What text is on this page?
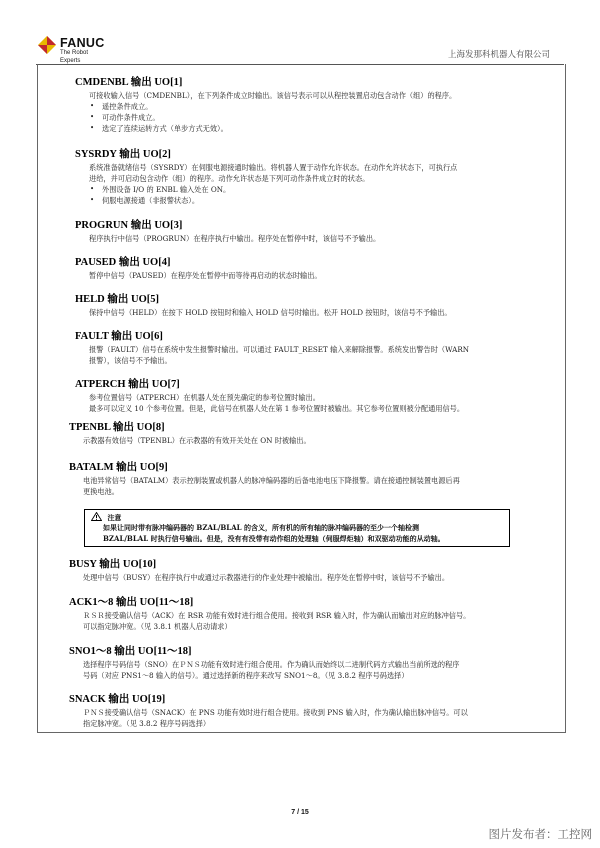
FANUC
The Robot Experts
上海发那科机器人有限公司
CMDENBL 输出 UO[1]

可接收输入信号（CMDENBL），在下列条件成立时输出。该信号表示可以从程控装置启动包含动作（组）的程序。

• 遥控条件成立。
• 可动作条件成立。
• 选定了连续运转方式（单步方式无效）。
SYSRDY 输出 UO[2]

系统准备就绪信号（SYSRDY）在伺服电源接通时输出。将机器人置于动作允许状态。在动作允许状态下，可执行点

进给，并可启动包含动作（组）的程序。动作允许状态是下列可动作条件成立时的状态。

• 外围设备 I/O 的 ENBL 输入处在 ON。
• 伺服电源接通（非报警状态）。
PROGRUN 输出 UO[3]

程序执行中信号（PROGRUN）在程序执行中输出。程序处在暂停中时，该信号不予输出。

PAUSED 输出 UO[4]

暂停中信号（PAUSED）在程序处在暂停中而等待再启动的状态时输出。

HELD 输出 UO[5]

保持中信号（HELD）在按下 HOLD 按钮时和输入 HOLD 信号时输出。松开 HOLD 按钮时，该信号不予输出。

FAULT 输出 UO[6]

报警（FAULT）信号在系统中发生报警时输出。可以通过 FAULT_RESET 输入来解除报警。系统发出警告时（WARN

报警），该信号不予输出。

ATPERCH 输出 UO[7]

参考位置信号（ATPERCH）在机器人处在预先确定的参考位置时输出。

最多可以定义 10 个参考位置。但是，此信号在机器人处在第 1 参考位置时被输出。其它参考位置则被分配通用信号。

TPENBL 输出 UO[8]

示教器有效信号（TPENBL）在示教器的有效开关处在 ON 时被输出。

BATALM 输出 UO[9]

电池异常信号（BATALM）表示控制装置或机器人的脉冲编码器的后备电池电压下降报警。请在接通控制装置电源后再

更换电池。

BUSY 输出 UO[10]

处理中信号（BUSY）在程序执行中或通过示教器进行的作业处理中被输出。程序处在暂停中时，该信号不予输出。

ACK1～8 输出 UO[11～18]

ＲＳＲ接受确认信号（ACK）在 RSR 功能有效时进行组合使用。接收到 RSR 输入时，作为确认而输出对应的脉冲信号。

可以指定脉冲宽。（见 3.8.1 机器人启动请求）

SNO1～8 输出 UO[11～18]

选择程序号码信号（SNO）在ＰＮＳ功能有效时进行组合使用。作为确认而始终以二进制代码方式输出当前所选的程序

号码（对应 PNS1～8 输入的信号）。通过选择新的程序来改写 SNO1～8。（见 3.8.2 程序号码选择）

SNACK 输出 UO[19]

ＰＮＳ接受确认信号（SNACK）在 PNS 功能有效时进行组合使用。接收到 PNS 输入时，作为确认输出脉冲信号。可以

指定脉冲宽。（见 3.8.2 程序号码选择）

注意

如果让同时带有脉冲编码器的 BZAL/BLAL 的含义，所有机的所有轴的脉冲编码器的至少一个轴检测

BZAL/BLAL 时执行信号输出。但是，没有有没带有动作组的处理轴（伺服焊炬轴）和双驱动功能的从动轴。

7 / 15
图片发布者：工控网
